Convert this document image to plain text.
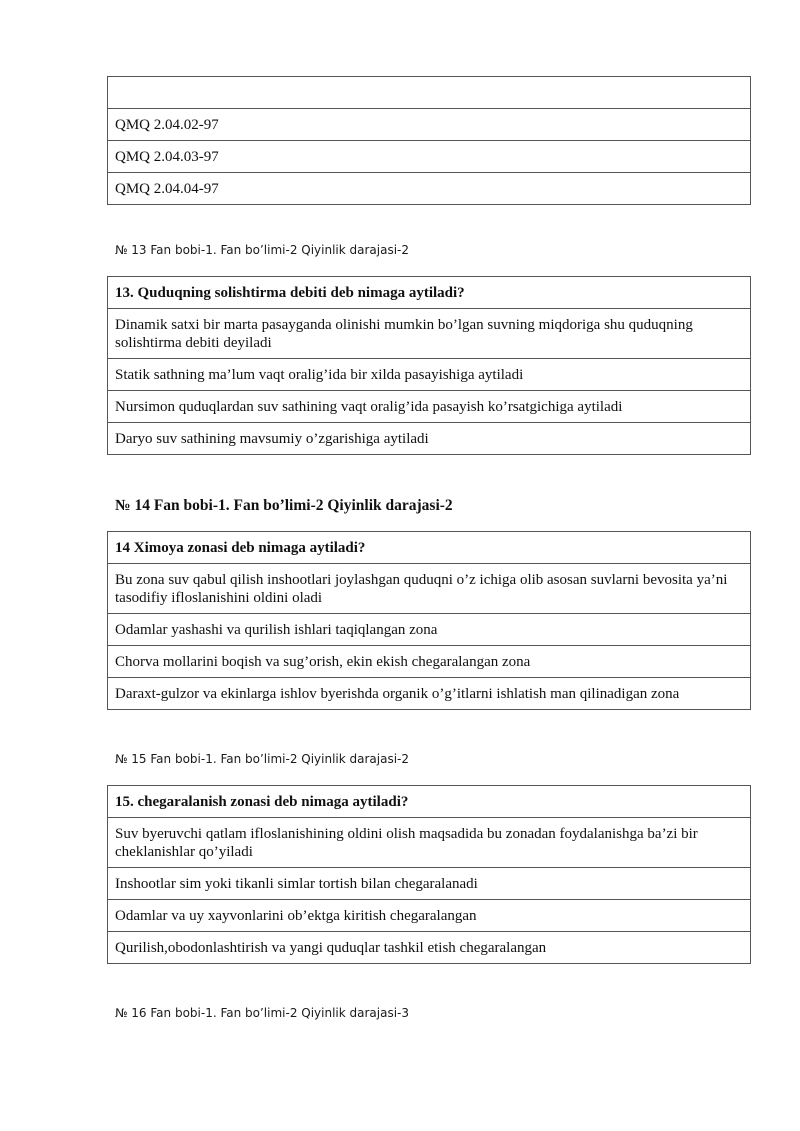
QMQ 2.04.02-97
QMQ 2.04.03-97
QMQ 2.04.04-97
№ 13 Fan bobi-1. Fan bo’limi-2 Qiyinlik darajasi-2
13. Quduqning solishtirma debiti deb nimaga aytiladi?
Dinamik satxi bir marta pasayganda olinishi mumkin bo’lgan suvning miqdoriga shu quduqning solishtirma debiti deyiladi
Statik sathning ma’lum vaqt oralig’ida bir xilda pasayishiga aytiladi
Nursimon quduqlardan suv sathining vaqt oralig’ida pasayish ko’rsatgichiga aytiladi
Daryo suv sathining mavsumiy o’zgarishiga aytiladi
№ 14 Fan bobi-1. Fan bo’limi-2 Qiyinlik darajasi-2
14 Ximoya zonasi deb nimaga aytiladi?
Bu zona suv qabul qilish inshootlari joylashgan quduqni o’z ichiga olib asosan suvlarni bevosita ya’ni tasodifiy ifloslanishini oldini oladi
Odamlar yashashi va qurilish ishlari taqiqlangan zona
Chorva mollarini boqish va sug’orish, ekin ekish chegaralangan zona
Daraxt-gulzor va ekinlarga ishlov byerishda organik o’g’itlarni ishlatish man qilinadigan zona
№ 15 Fan bobi-1. Fan bo’limi-2 Qiyinlik darajasi-2
15. chegaralanish zonasi deb nimaga aytiladi?
Suv byeruvchi qatlam ifloslanishining oldini olish maqsadida bu zonadan foydalanishga ba’zi bir cheklanishlar qo’yiladi
Inshootlar sim yoki tikanli simlar tortish bilan chegaralanadi
Odamlar va uy xayvonlarini ob’ektga kiritish chegaralangan
Qurilish,obodonlashtirish va yangi quduqlar tashkil etish chegaralangan
№ 16 Fan bobi-1. Fan bo’limi-2 Qiyinlik darajasi-3
